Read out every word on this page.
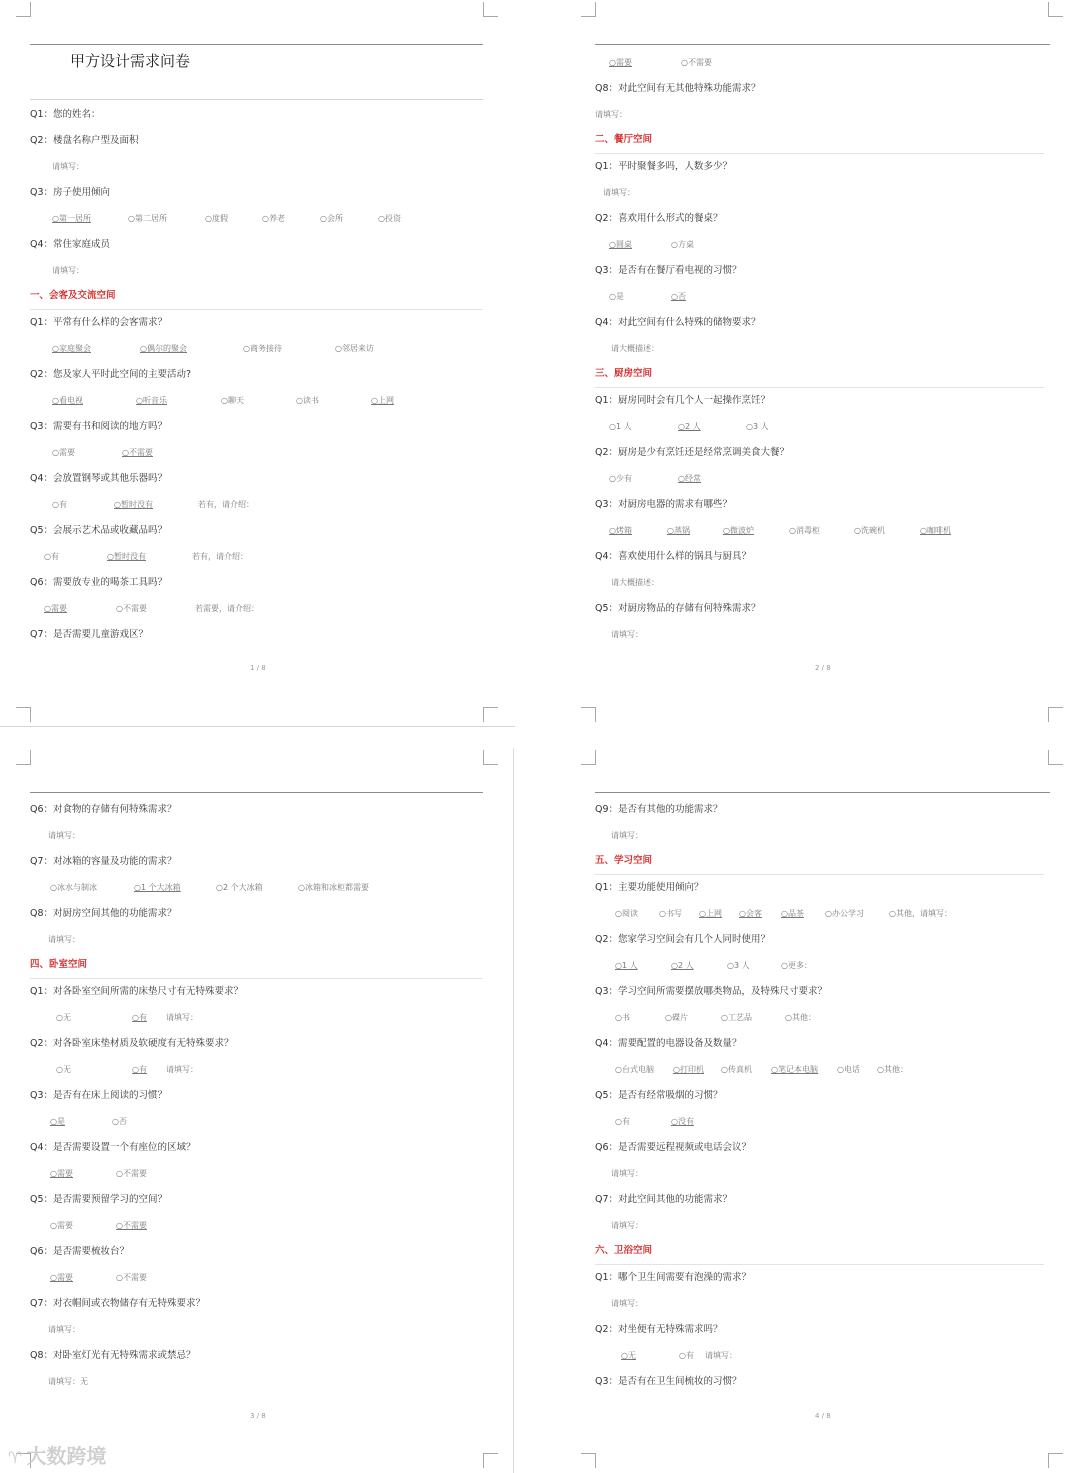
甲方设计需求问卷
Q1：您的姓名：
Q2：楼盘名称户型及面积
请填写：
Q3：房子使用倾向
○第一居所	○第二居所	○度假	○养老	○会所	○投资
Q4：常住家庭成员
请填写：
一、会客及交流空间
Q1：平常有什么样的会客需求？
○家庭聚会	○偶尔的聚会	○商务接待	○邻居来访
Q2：您及家人平时此空间的主要活动?
○看电视	○听音乐	○聊天	○读书	○上网
Q3：需要有书和阅读的地方吗？
○需要	○不需要
Q4：会放置钢琴或其他乐器吗？
○有	○暂时没有	若有，请介绍：
Q5：会展示艺术品或收藏品吗？
○有	○暂时没有	若有，请介绍：
Q6：需要放专业的喝茶工具吗？
○需要	○不需要	若需要，请介绍：
Q7：是否需要儿童游戏区？
1 / 8
○需要	○不需要
Q8：对此空间有无其他特殊功能需求？
请填写：
二、餐厅空间
Q1：平时聚餐多吗，人数多少？
请填写：
Q2：喜欢用什么形式的餐桌？
○圆桌	○方桌
Q3：是否有在餐厅看电视的习惯？
○是	○否
Q4：对此空间有什么特殊的储物要求？
请大概描述：
三、厨房空间
Q1：厨房同时会有几个人一起操作烹饪？
○1 人	○2 人	○3 人
Q2：厨房是少有烹饪还是经常烹调美食大餐？
○少有	○经常
Q3：对厨房电器的需求有哪些？
○烤箱	○蒸锅	○微波炉	○消毒柜	○洗碗机	○咖啡机
Q4：喜欢使用什么样的锅具与厨具？
请大概描述：
Q5：对厨房物品的存储有何特殊需求？
请填写：
2 / 8
Q6：对食物的存储有何特殊需求？
请填写：
Q7：对冰箱的容量及功能的需求？
○冰水与制冰	○1 个大冰箱	○2 个大冰箱	○冰箱和冰柜都需要
Q8：对厨房空间其他的功能需求？
请填写：
四、卧室空间
Q1：对各卧室空间所需的床垫尺寸有无特殊要求？
○无	○有 请填写：
Q2：对各卧室床垫材质及软硬度有无特殊要求？
○无	○有 请填写：
Q3：是否有在床上阅读的习惯？
○是	○否
Q4：是否需要设置一个有座位的区域？
○需要	○不需要
Q5：是否需要预留学习的空间？
○需要	○不需要
Q6：是否需要梳妆台？
○需要	○不需要
Q7：对衣帽间或衣物储存有无特殊要求？
请填写：
Q8：对卧室灯光有无特殊需求或禁忌？
请填写：无
3 / 8
Q9：是否有其他的功能需求？
请填写：
五、学习空间
Q1：主要功能使用倾向？
○阅读	○书写 ○上网 ○会客 ○品茶	○办公学习	○其他，请填写：
Q2：您家学习空间会有几个人同时使用？
○1 人	○2 人	○3 人	○更多：
Q3：学习空间所需要摆放哪类物品，及特殊尺寸要求？
○书	○碟片	○工艺品	○其他：
Q4：需要配置的电器设备及数量？
○台式电脑 ○打印机 ○传真机 ○笔记本电脑 ○电话 ○其他：
Q5：是否有经常吸烟的习惯？
○有	○没有
Q6：是否需要远程视频或电话会议？
请填写：
Q7：对此空间其他的功能需求？
请填写：
六、卫浴空间
Q1：哪个卫生间需要有泡澡的需求？
请填写：
Q2：对坐便有无特殊需求吗？
○无	○有 请填写：
Q3：是否有在卫生间梳妆的习惯？
4 / 8
♈ 大数跨境
